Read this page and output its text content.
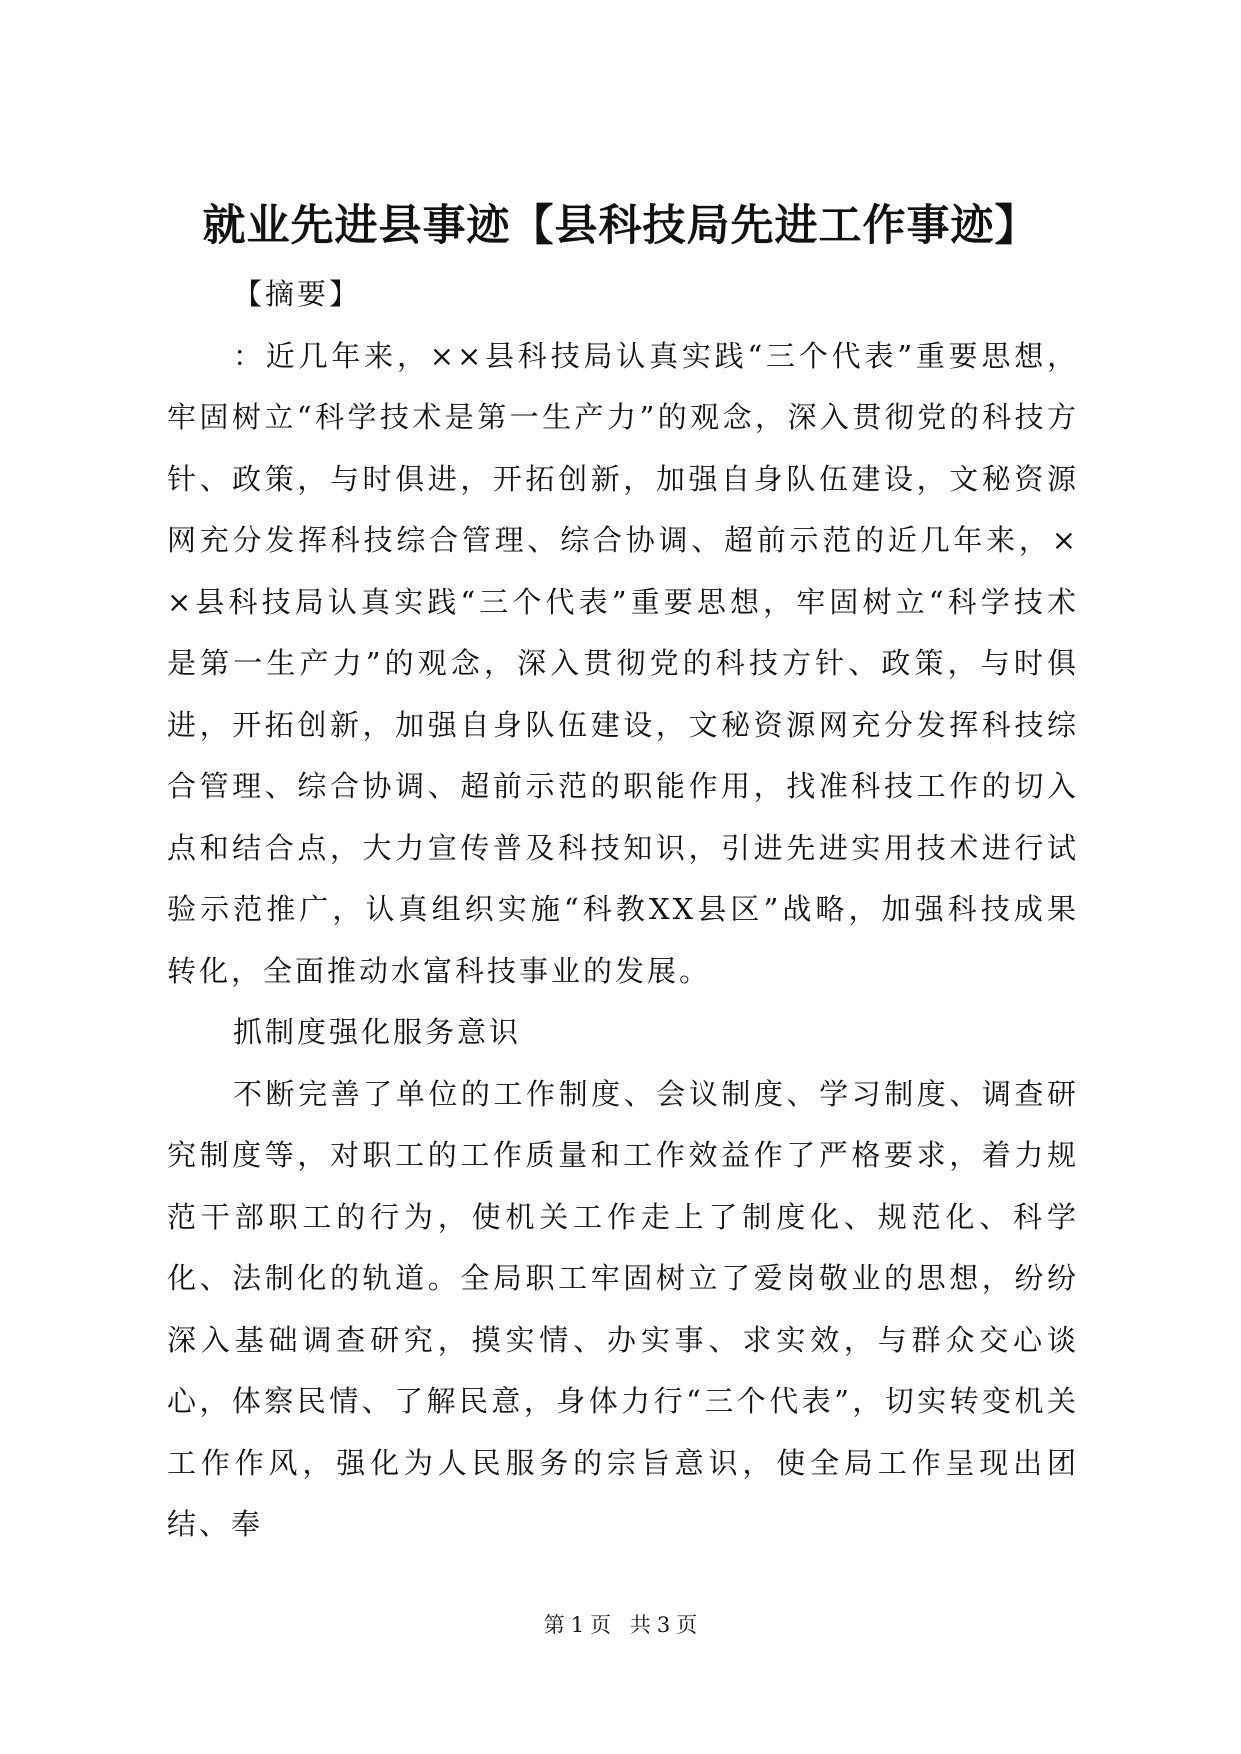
就业先进县事迹【县科技局先进工作事迹】

【摘要】

：近几年来，××县科技局认真实践“三个代表”重要思想，牢固树立“科学技术是第一生产力”的观念，深入贯彻党的科技方针、政策，与时俱进，开拓创新，加强自身队伍建设，文秘资源网充分发挥科技综合管理、综合协调、超前示范的近几年来，××县科技局认真实践“三个代表”重要思想，牢固树立“科学技术是第一生产力”的观念，深入贯彻党的科技方针、政策，与时俱进，开拓创新，加强自身队伍建设，文秘资源网充分发挥科技综合管理、综合协调、超前示范的职能作用，找准科技工作的切入点和结合点，大力宣传普及科技知识，引进先进实用技术进行试验示范推广，认真组织实施“科教XX县区”战略，加强科技成果转化，全面推动水富科技事业的发展。

抓制度强化服务意识

不断完善了单位的工作制度、会议制度、学习制度、调查研究制度等，对职工的工作质量和工作效益作了严格要求，着力规范干部职工的行为，使机关工作走上了制度化、规范化、科学化、法制化的轨道。全局职工牢固树立了爱岗敬业的思想，纷纷深入基础调查研究，摸实情、办实事、求实效，与群众交心谈心，体察民情、了解民意，身体力行“三个代表”，切实转变机关工作作风，强化为人民服务的宗旨意识，使全局工作呈现出团结、奉

第 1 页 共 3 页
